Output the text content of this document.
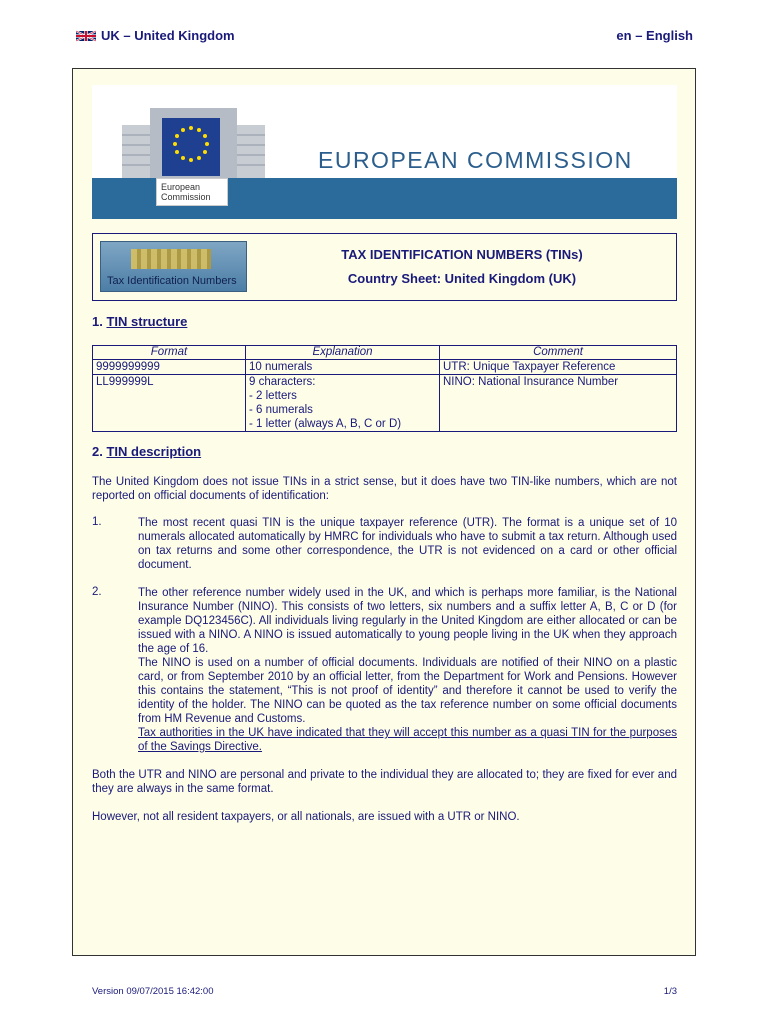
UK – United Kingdom	en – English
European
Commission
EUROPEAN COMMISSION
Tax Identification Numbers
TAX IDENTIFICATION NUMBERS (TINs)
Country Sheet: United Kingdom (UK)
1. TIN structure
Format	Explanation	Comment
9999999999	10 numerals	UTR: Unique Taxpayer Reference
LL999999L	9 characters:
- 2 letters
- 6 numerals
- 1 letter (always A, B, C or D)	NINO: National Insurance Number
2. TIN description
The United Kingdom does not issue TINs in a strict sense, but it does have two TIN-like numbers, which are not reported on official documents of identification:
1.	The most recent quasi TIN is the unique taxpayer reference (UTR). The format is a unique set of 10 numerals allocated automatically by HMRC for individuals who have to submit a tax return. Although used on tax returns and some other correspondence, the UTR is not evidenced on a card or other official document.
2.	The other reference number widely used in the UK, and which is perhaps more familiar, is the National Insurance Number (NINO). This consists of two letters, six numbers and a suffix letter A, B, C or D (for example DQ123456C). All individuals living regularly in the United Kingdom are either allocated or can be issued with a NINO. A NINO is issued automatically to young people living in the UK when they approach the age of 16.
The NINO is used on a number of official documents. Individuals are notified of their NINO on a plastic card, or from September 2010 by an official letter, from the Department for Work and Pensions. However this contains the statement, “This is not proof of identity” and therefore it cannot be used to verify the identity of the holder. The NINO can be quoted as the tax reference number on some official documents from HM Revenue and Customs.
Tax authorities in the UK have indicated that they will accept this number as a quasi TIN for the purposes of the Savings Directive.
Both the UTR and NINO are personal and private to the individual they are allocated to; they are fixed for ever and they are always in the same format.
However, not all resident taxpayers, or all nationals, are issued with a UTR or NINO.
Version 09/07/2015 16:42:00	1/3
